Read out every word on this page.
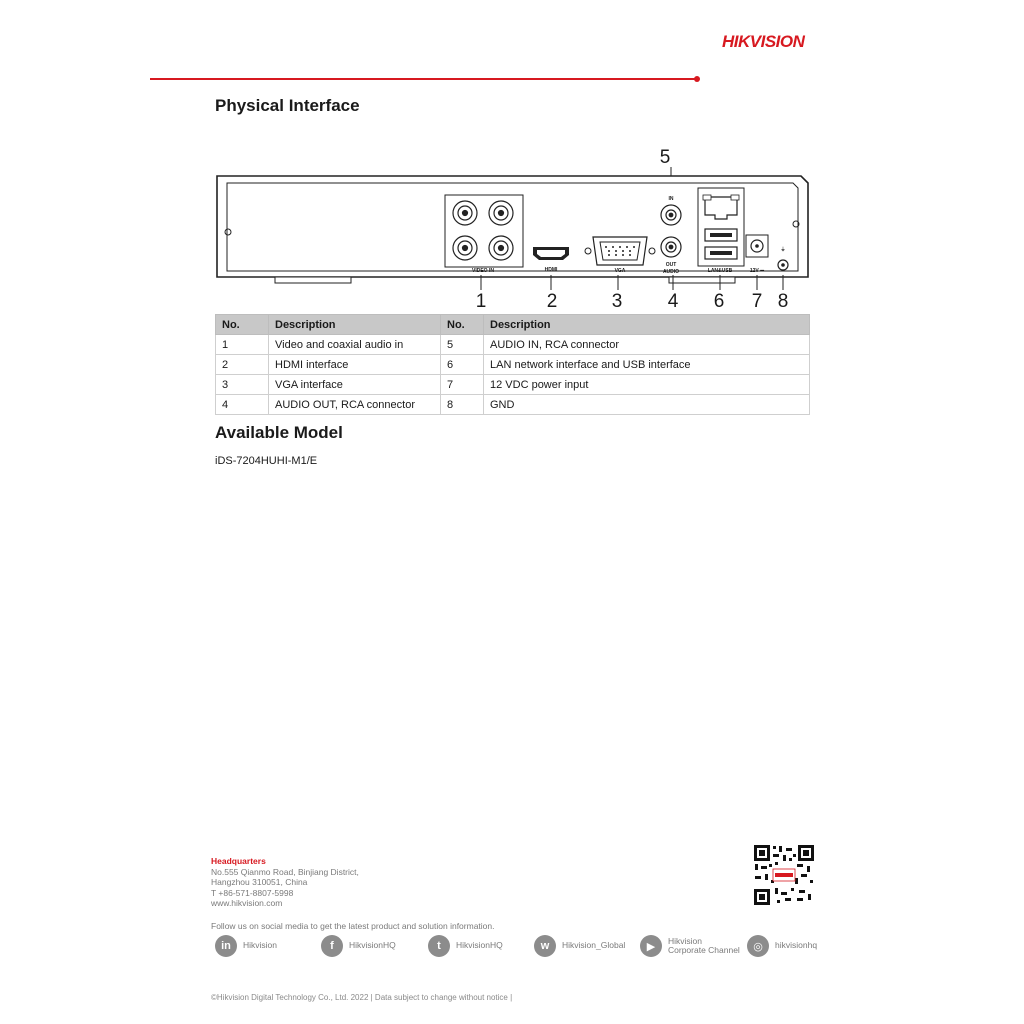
HIKVISION
Physical Interface
5
VIDEO IN	HDMI	VGA
IN
OUT
AUDIO	LAN&USB	12V ⎓
⏚
1	2	3 4 6 7 8
No.	Description	No.	Description
1	Video and coaxial audio in	5	AUDIO IN, RCA connector
2	HDMI interface	6	LAN network interface and USB interface
3	VGA interface	7	12 VDC power input
4	AUDIO OUT, RCA connector	8	GND
Available Model
iDS-7204HUHI-M1/E
Headquarters
No.555 Qianmo Road, Binjiang District,
Hangzhou 310051, China
T +86-571-8807-5998
www.hikvision.com
Follow us on social media to get the latest product and solution information.
in	Hikvision	f	HikvisionHQ	t	HikvisionHQ	w	Hikvision_Global	▶	Hikvision
Corporate Channel	◎	hikvisionhq
©Hikvision Digital Technology Co., Ltd. 2022 | Data subject to change without notice |
